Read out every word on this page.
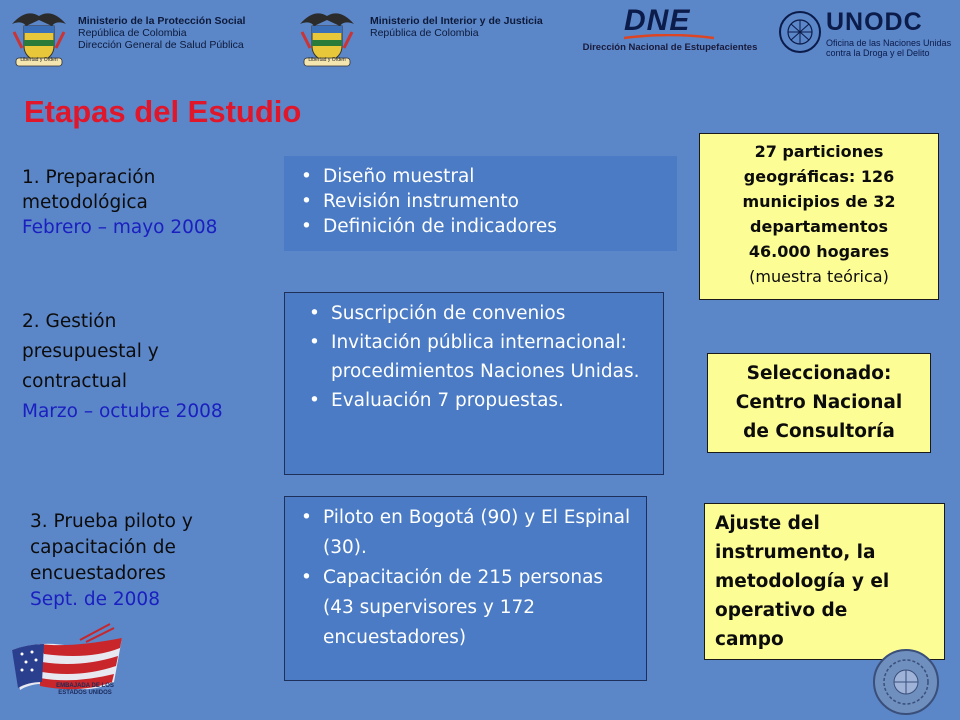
Libertad y Orden
Ministerio de la Protección Social
República de Colombia
Dirección General de Salud Pública
Libertad y Orden
Ministerio del Interior y de Justicia
República de Colombia	DNE
Dirección Nacional de Estupefacientes
UNODC
Oficina de las Naciones Unidas
contra la Droga y el Delito
Etapas del Estudio
1. Preparación
metodológica
Febrero – mayo 2008
• Diseño muestral
• Revisión instrumento
• Definición de indicadores
27 particiones
geográficas: 126
municipios de 32
departamentos
46.000 hogares
(muestra teórica)
2. Gestión
presupuestal y
contractual
Marzo – octubre 2008
• Suscripción de convenios
• Invitación pública internacional: procedimientos Naciones Unidas.
• Evaluación 7 propuestas.
Seleccionado:
Centro Nacional
de Consultoría
3. Prueba piloto y
capacitación de
encuestadores
Sept. de 2008
• Piloto en Bogotá (90) y El Espinal (30).
• Capacitación de 215 personas (43 supervisores y 172 encuestadores)
Ajuste del
instrumento, la
metodología y el
operativo de
campo
EMBAJADA DE LOS
ESTADOS UNIDOS
